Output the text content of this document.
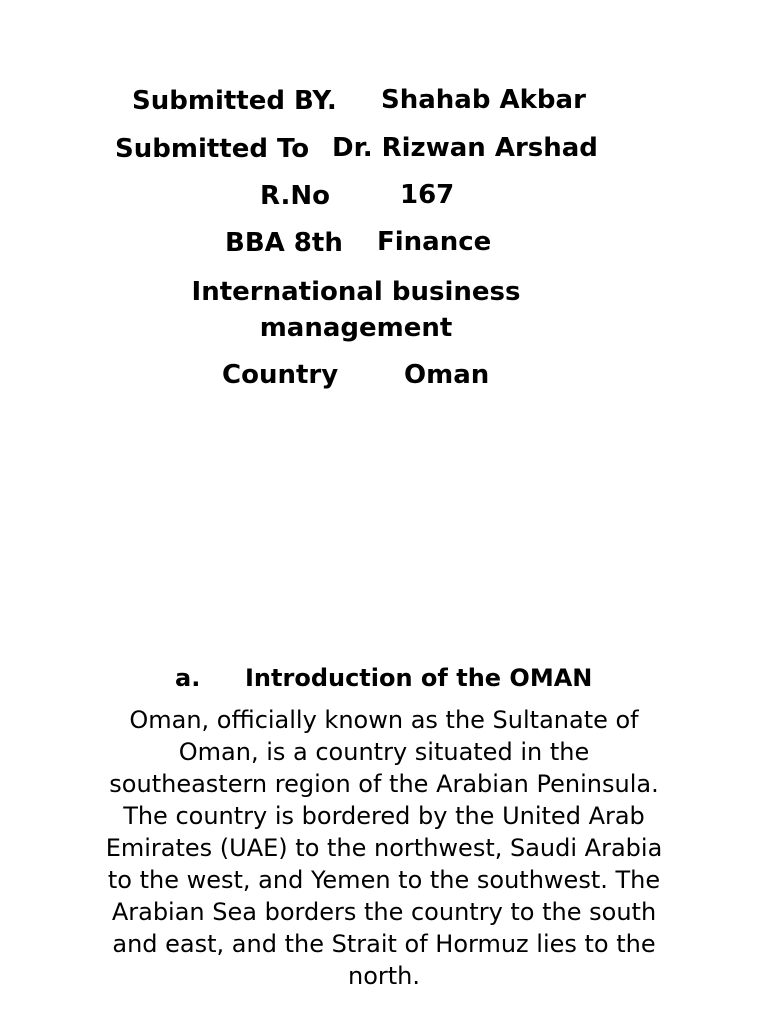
Submitted BY. Shahab Akbar
Submitted To Dr. Rizwan Arshad
R.No	167
BBA 8th Finance
International business management
Country	Oman
a. Introduction of the OMAN

Oman, officially known as the Sultanate of Oman, is a country situated in the southeastern region of the Arabian Peninsula. The country is bordered by the United Arab Emirates (UAE) to the northwest, Saudi Arabia to the west, and Yemen to the southwest. The Arabian Sea borders the country to the south and east, and the Strait of Hormuz lies to the north.
